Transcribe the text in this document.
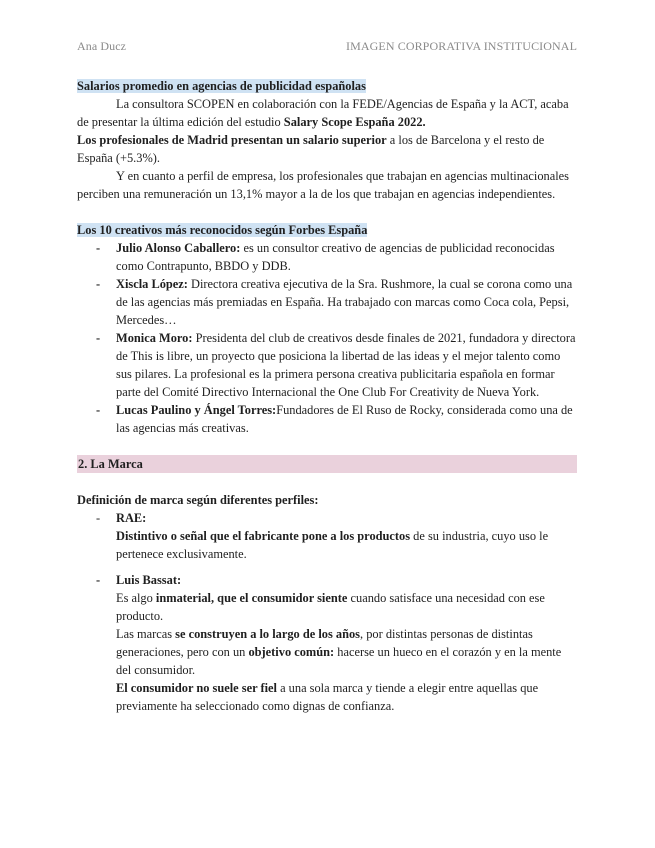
Ana Ducz	IMAGEN CORPORATIVA INSTITUCIONAL

Salarios promedio en agencias de publicidad españolas

La consultora SCOPEN en colaboración con la FEDE/Agencias de España y la ACT, acaba de presentar la última edición del estudio Salary Scope España 2022.

Los profesionales de Madrid presentan un salario superior a los de Barcelona y el resto de España (+5.3%).

Y en cuanto a perfil de empresa, los profesionales que trabajan en agencias multinacionales perciben una remuneración un 13,1% mayor a la de los que trabajan en agencias independientes.

Los 10 creativos más reconocidos según Forbes España

- Julio Alonso Caballero: es un consultor creativo de agencias de publicidad reconocidas como Contrapunto, BBDO y DDB.
- Xiscla López: Directora creativa ejecutiva de la Sra. Rushmore, la cual se corona como una de las agencias más premiadas en España. Ha trabajado con marcas como Coca cola, Pepsi, Mercedes…
- Monica Moro: Presidenta del club de creativos desde finales de 2021, fundadora y directora de This is libre, un proyecto que posiciona la libertad de las ideas y el mejor talento como sus pilares. La profesional es la primera persona creativa publicitaria española en formar parte del Comité Directivo Internacional the One Club For Creativity de Nueva York.
- Lucas Paulino y Ángel Torres:Fundadores de El Ruso de Rocky, considerada como una de las agencias más creativas.

2. La Marca

Definición de marca según diferentes perfiles:

- RAE:

Distintivo o señal que el fabricante pone a los productos de su industria, cuyo uso le pertenece exclusivamente.

- Luis Bassat:

Es algo inmaterial, que el consumidor siente cuando satisface una necesidad con ese producto.

Las marcas se construyen a lo largo de los años, por distintas personas de distintas generaciones, pero con un objetivo común: hacerse un hueco en el corazón y en la mente del consumidor.

El consumidor no suele ser fiel a una sola marca y tiende a elegir entre aquellas que previamente ha seleccionado como dignas de confianza.
